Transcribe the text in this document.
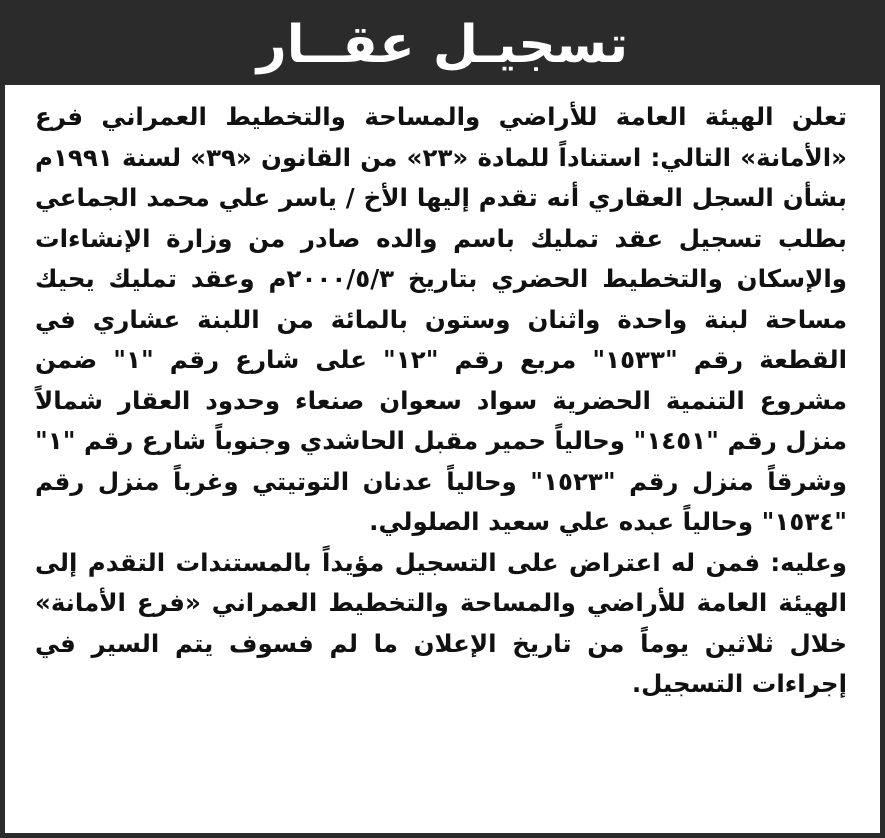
تسجيـل عقــار

تعلن الهيئة العامة للأراضي والمساحة والتخطيط العمراني فرع «الأمانة» التالي: استناداً للمادة «٢٣» من القانون «٣٩» لسنة ١٩٩١م بشأن السجل العقاري أنه تقدم إليها الأخ / ياسر علي محمد الجماعي بطلب تسجيل عقد تمليك باسم والده صادر من وزارة الإنشاءات والإسكان والتخطيط الحضري بتاريخ ٢٠٠٠/٥/٣م وعقد تمليك يحيك مساحة لبنة واحدة واثنان وستون بالمائة من اللبنة عشاري في القطعة رقم "١٥٣٣" مربع رقم "١٢" على شارع رقم "١" ضمن مشروع التنمية الحضرية سواد سعوان صنعاء وحدود العقار شمالاً منزل رقم "١٤٥١" وحالياً حمير مقبل الحاشدي وجنوباً شارع رقم "١" وشرقاً منزل رقم "١٥٢٣" وحالياً عدنان التوتيتي وغرباً منزل رقم "١٥٣٤" وحالياً عبده علي سعيد الصلولي.

وعليه: فمن له اعتراض على التسجيل مؤيداً بالمستندات التقدم إلى الهيئة العامة للأراضي والمساحة والتخطيط العمراني «فرع الأمانة» خلال ثلاثين يوماً من تاريخ الإعلان ما لم فسوف يتم السير في إجراءات التسجيل.
